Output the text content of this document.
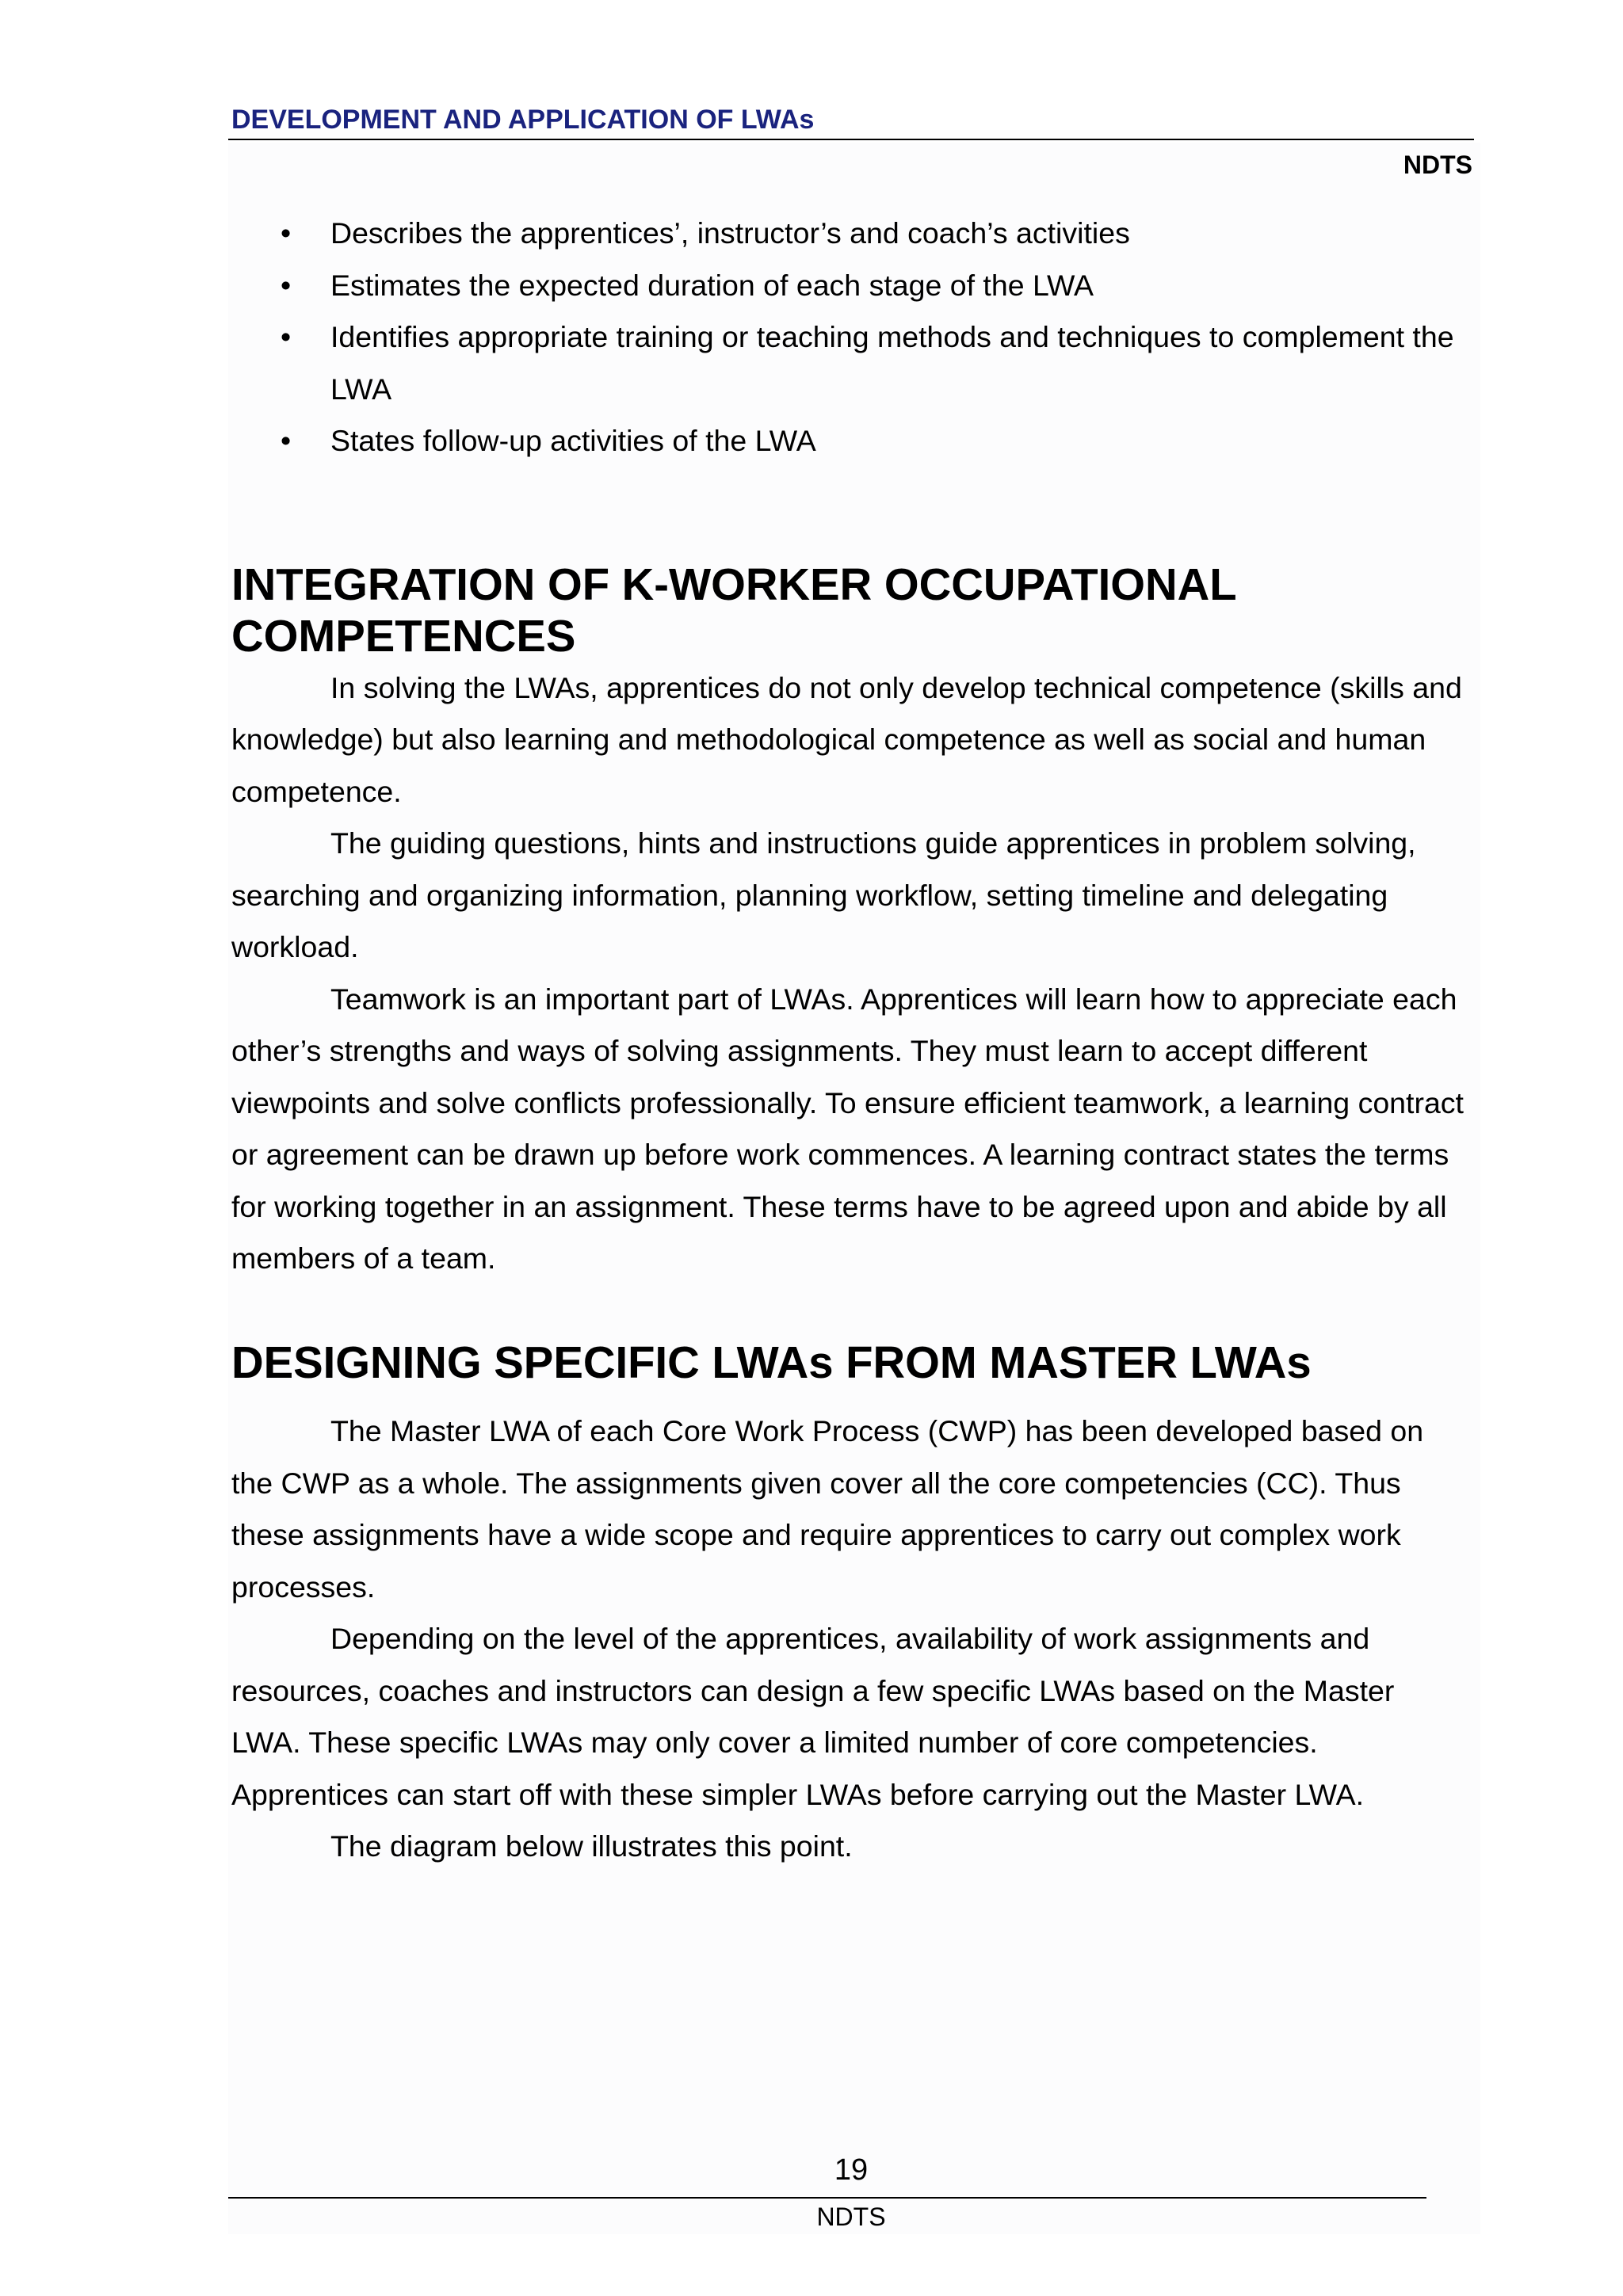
DEVELOPMENT AND APPLICATION OF LWAs
NDTS
• Describes the apprentices’, instructor’s and coach’s activities
• Estimates the expected duration of each stage of the LWA
• Identifies appropriate training or teaching methods and techniques to complement the LWA
• States follow-up activities of the LWA
INTEGRATION OF K-WORKER OCCUPATIONAL COMPETENCES

In solving the LWAs, apprentices do not only develop technical competence (skills and knowledge) but also learning and methodological competence as well as social and human competence.

The guiding questions, hints and instructions guide apprentices in problem solving, searching and organizing information, planning workflow, setting timeline and delegating workload.

Teamwork is an important part of LWAs. Apprentices will learn how to appreciate each other’s strengths and ways of solving assignments. They must learn to accept different viewpoints and solve conflicts professionally. To ensure efficient teamwork, a learning contract or agreement can be drawn up before work commences. A learning contract states the terms for working together in an assignment. These terms have to be agreed upon and abide by all members of a team.

DESIGNING SPECIFIC LWAs FROM MASTER LWAs

The Master LWA of each Core Work Process (CWP) has been developed based on the CWP as a whole. The assignments given cover all the core competencies (CC). Thus these assignments have a wide scope and require apprentices to carry out complex work processes.

Depending on the level of the apprentices, availability of work assignments and resources, coaches and instructors can design a few specific LWAs based on the Master LWA. These specific LWAs may only cover a limited number of core competencies. Apprentices can start off with these simpler LWAs before carrying out the Master LWA.

The diagram below illustrates this point.

19
NDTS
